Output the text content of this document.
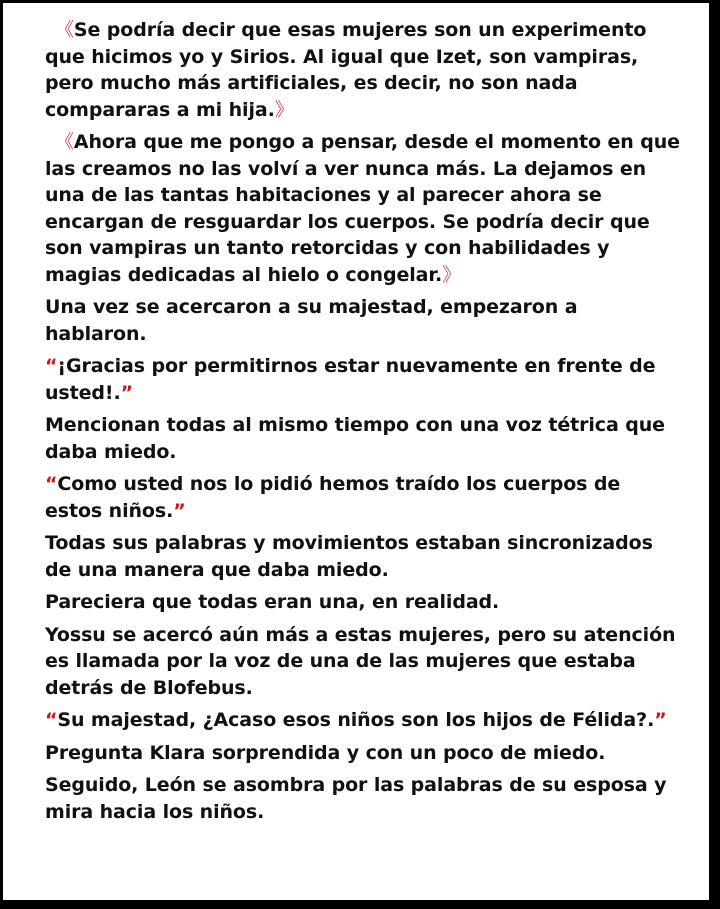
《Se podría decir que esas mujeres son un experimento que hicimos yo y Sirios. Al igual que Izet, son vampiras, pero mucho más artificiales, es decir, no son nada compararas a mi hija.》

《Ahora que me pongo a pensar, desde el momento en que las creamos no las volví a ver nunca más. La dejamos en una de las tantas habitaciones y al parecer ahora se encargan de resguardar los cuerpos. Se podría decir que son vampiras un tanto retorcidas y con habilidades y magias dedicadas al hielo o congelar.》

Una vez se acercaron a su majestad, empezaron a hablaron.

“¡Gracias por permitirnos estar nuevamente en frente de usted!.”

Mencionan todas al mismo tiempo con una voz tétrica que daba miedo.

“Como usted nos lo pidió hemos traído los cuerpos de estos niños.”

Todas sus palabras y movimientos estaban sincronizados de una manera que daba miedo.

Pareciera que todas eran una, en realidad.

Yossu se acercó aún más a estas mujeres, pero su atención es llamada por la voz de una de las mujeres que estaba detrás de Blofebus.

“Su majestad, ¿Acaso esos niños son los hijos de Félida?.”

Pregunta Klara sorprendida y con un poco de miedo.

Seguido, León se asombra por las palabras de su esposa y mira hacia los niños.
